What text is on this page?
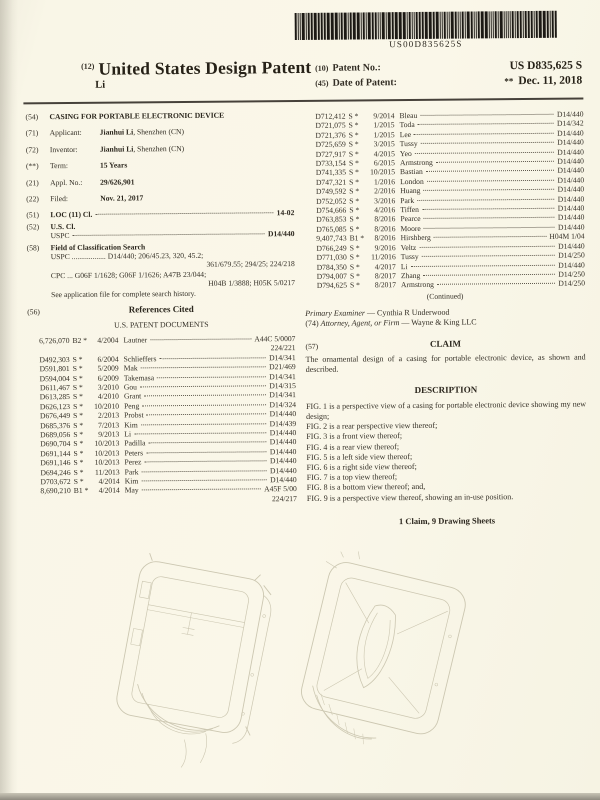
US00D835625S
$^{(12)}$ United States Design Patent
Li
(10) Patent No.:	US D835,625 S
(45) Date of Patent:	** Dec. 11, 2018
(54)	CASING FOR PORTABLE ELECTRONIC DEVICE
(71)	Applicant: Jianhui Li, Shenzhen (CN)
(72)	Inventor:	Jianhui Li, Shenzhen (CN)
(**)	Term:	15 Years
(21)	Appl. No.: 29/626,901
(22)	Filed:	Nov. 21, 2017
(51)	LOC (11) Cl.	14-02
(52)	U.S. Cl.
USPC	D14/440
(58)	Field of Classification Search
USPC .................. D14/440; 206/45.23, 320, 45.2;
361/679.55; 294/25; 224/218
CPC ... G06F 1/1628; G06F 1/1626; A47B 23/044;
H04B 1/3888; H05K 5/0217
See application file for complete search history.
(56)	References Cited
U.S. PATENT DOCUMENTS
6,726,070 B2 *	4/2004 Lautner	A44C 5/0007
224/221
D492,303 S *	6/2004 Schlieffers	D14/341
D591,801 S *	5/2009 Mak	D21/469
D594,004 S *	6/2009 Takemasa	D14/341
D611,467 S *	3/2010 Gou	D14/315
D613,285 S *	4/2010 Grant	D14/341
D626,123 S *	10/2010 Peng	D14/324
D676,449 S *	2/2013 Probst	D14/440
D685,376 S *	7/2013 Kim	D14/439
D689,056 S *	9/2013 Li	D14/440
D690,704 S *	10/2013 Padilla	D14/440
D691,144 S *	10/2013 Peters	D14/440
D691,146 S *	10/2013 Perez	D14/440
D694,246 S *	11/2013 Park	D14/440
D703,672 S *	4/2014 Kim	D14/440
8,690,210 B1 *	4/2014 May	A45F 5/00
224/217
D712,412 S *	9/2014 Bleau	D14/440
D721,075 S *	1/2015 Toda	D14/342
D721,376 S *	1/2015 Lee	D14/440
D725,659 S *	3/2015 Tussy	D14/440
D727,917 S *	4/2015 Yeo	D14/440
D733,154 S *	6/2015 Armstrong	D14/440
D741,335 S *	10/2015 Bastian	D14/440
D747,321 S *	1/2016 London	D14/440
D749,592 S *	2/2016 Huang	D14/440
D752,052 S *	3/2016 Park	D14/440
D754,666 S *	4/2016 Tiffen	D14/440
D763,853 S *	8/2016 Pearce	D14/440
D765,085 S *	8/2016 Moore	D14/440
9,407,743 B1 *	8/2016 Hirshberg	H04M 1/04
D766,249 S *	9/2016 Veltz	D14/440
D771,030 S *	11/2016 Tussy	D14/250
D784,350 S *	4/2017 Li	D14/440
D794,007 S *	8/2017 Zhang	D14/250
D794,625 S *	8/2017 Armstrong	D14/250
(Continued)
Primary Examiner — Cynthia R Underwood
(74) Attorney, Agent, or Firm — Wayne & King LLC
(57)	CLAIM
The ornamental design of a casing for portable electronic device, as shown and described.
DESCRIPTION

FIG. 1 is a perspective view of a casing for portable electronic device showing my new design;

FIG. 2 is a rear perspective view thereof;

FIG. 3 is a front view thereof;

FIG. 4 is a rear view thereof;

FIG. 5 is a left side view thereof;

FIG. 6 is a right side view thereof;

FIG. 7 is a top view thereof;

FIG. 8 is a bottom view thereof; and,

FIG. 9 is a perspective view thereof, showing an in-use position.

1 Claim, 9 Drawing Sheets
